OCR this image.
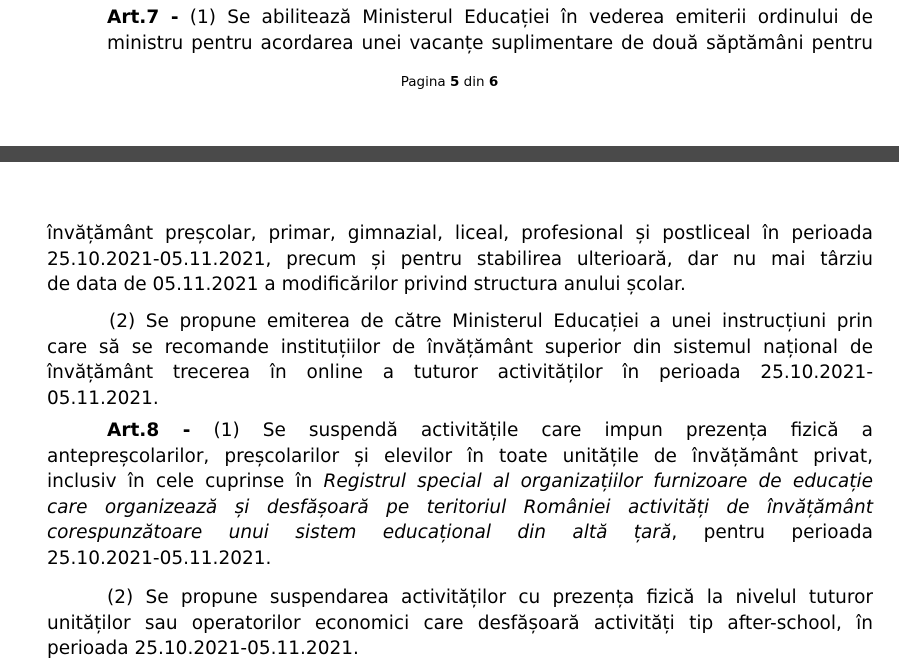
Art.7 - (1) Se abilitează Ministerul Educației în vederea emiterii ordinului de
ministru pentru acordarea unei vacanțe suplimentare de două săptămâni pentru
Pagina 5 din 6
învățământ preșcolar, primar, gimnazial, liceal, profesional și postliceal în perioada
25.10.2021-05.11.2021, precum și pentru stabilirea ulterioară, dar nu mai târziu
de data de 05.11.2021 a modificărilor privind structura anului școlar.
(2) Se propune emiterea de către Ministerul Educației a unei instrucțiuni prin
care să se recomande instituțiilor de învățământ superior din sistemul național de
învățământ trecerea în online a tuturor activităților în perioada 25.10.2021-
05.11.2021.
Art.8 - (1) Se suspendă activitățile care impun prezența fizică a
antepreșcolarilor, preșcolarilor și elevilor în toate unitățile de învățământ privat,
inclusiv în cele cuprinse în Registrul special al organizațiilor furnizoare de educație
care organizează și desfășoară pe teritoriul României activități de învățământ
corespunzătoare unui sistem educațional din altă țară, pentru perioada
25.10.2021-05.11.2021.
(2) Se propune suspendarea activităților cu prezența fizică la nivelul tuturor
unităților sau operatorilor economici care desfășoară activități tip after-school, în
perioada 25.10.2021-05.11.2021.
